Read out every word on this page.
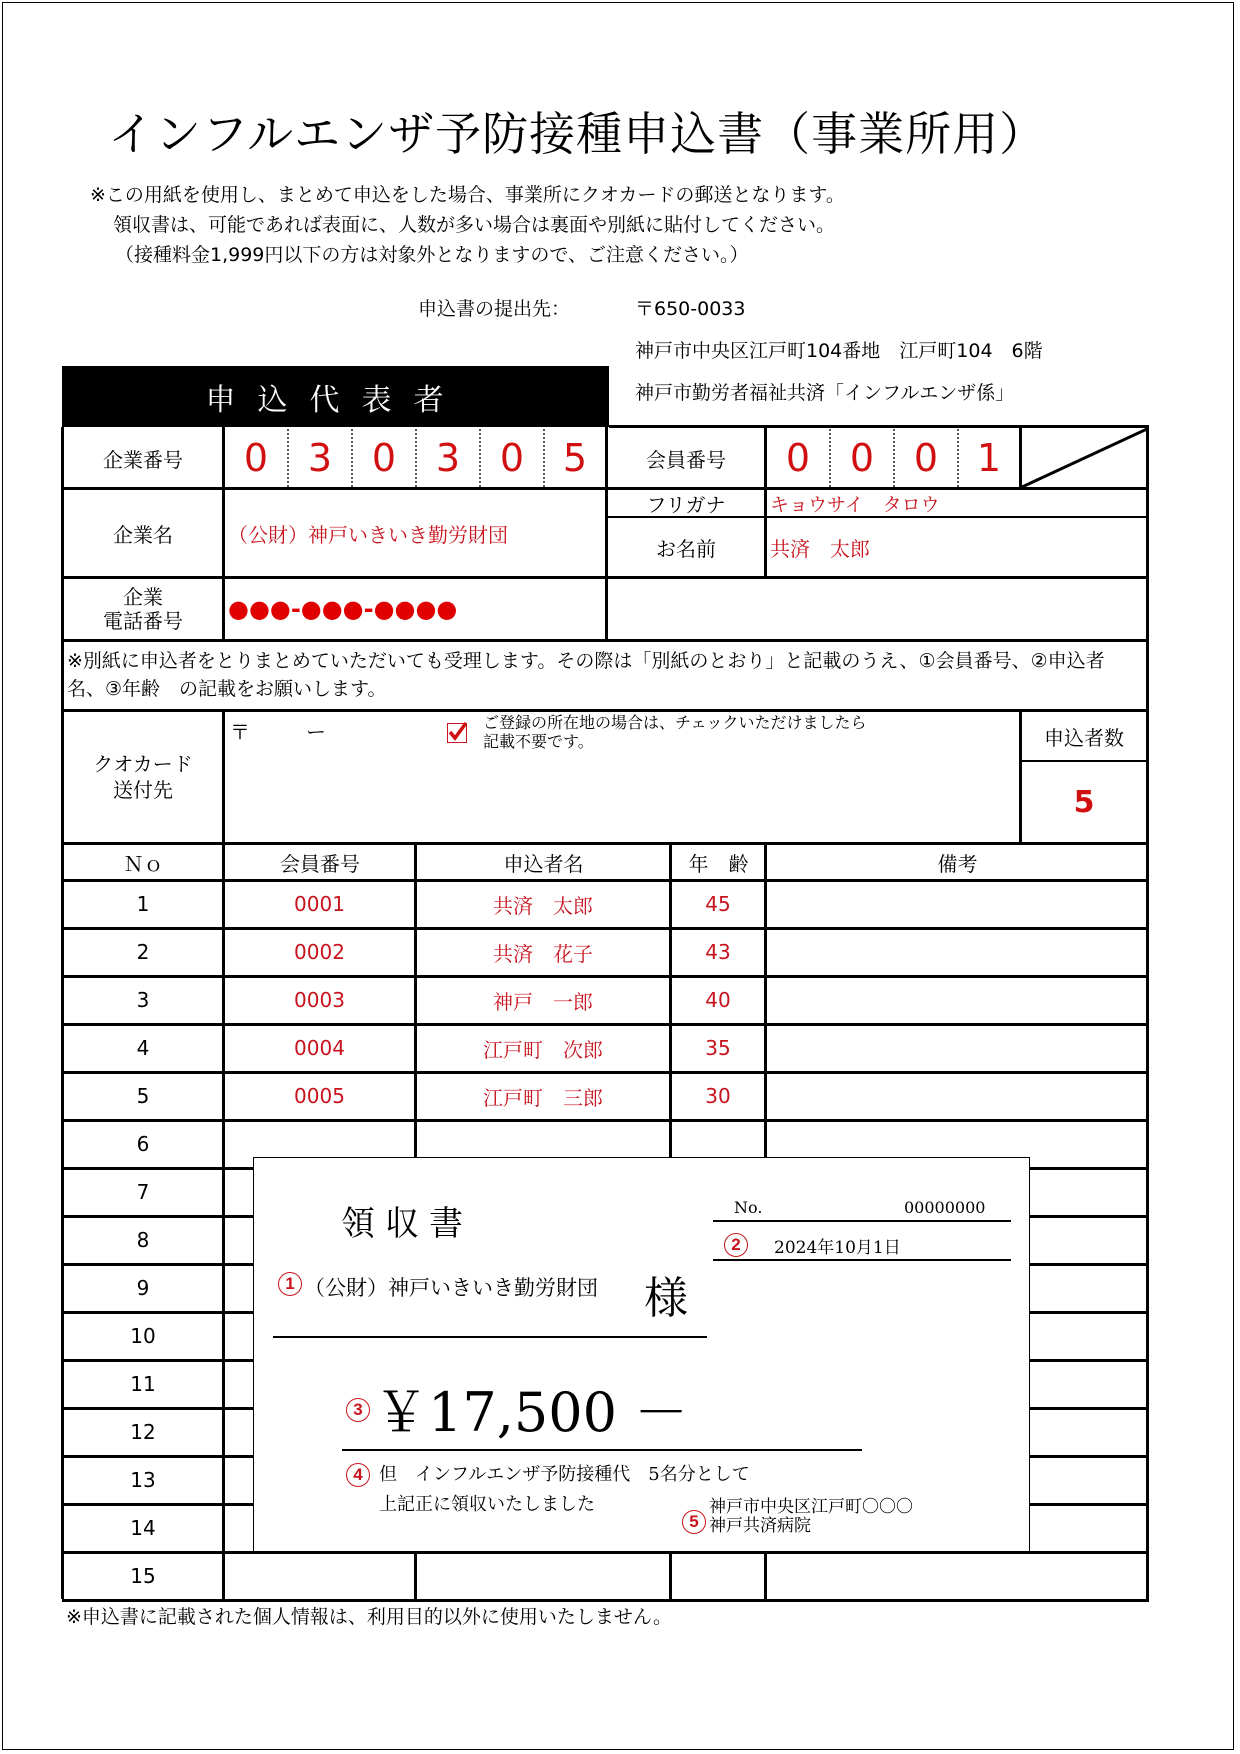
インフルエンザ予防接種申込書（事業所用）
※この用紙を使用し、まとめて申込をした場合、事業所にクオカードの郵送となります。
領収書は、可能であれば表面に、人数が多い場合は裏面や別紙に貼付してください。
（接種料金1,999円以下の方は対象外となりますので、ご注意ください。）
申込書の提出先：	〒650-0033
神戸市中央区江戸町104番地　江戸町104　6階
神戸市勤労者福祉共済「インフルエンザ係」
申込代表者
企業番号	0	3	0	3	0	5	会員番号	0	0	0	1
企業名	（公財）神戸いきいき勤労財団
フリガナ	キョウサイ　タロウ
お名前	共済　太郎
企業
電話番号 ●●●-●●●-●●●●
※別紙に申込者をとりまとめていただいても受理します。その際は「別紙のとおり」と記載のうえ、①会員番号、②申込者名、③年齢　の記載をお願いします。
クオカード
送付先
〒	ー	ご登録の所在地の場合は、チェックいただけましたら
記載不要です。	申込者数
5
Ｎｏ	会員番号	申込者名	年　齢	備考
1	0001	共済　太郎	45
2	0002	共済　花子	43
3	0003	神戸　一郎	40
4	0004	江戸町　次郎	35
5	0005	江戸町　三郎	30
6
7
8
9
10
11
12
13
14
15
※申込書に記載された個人情報は、利用目的以外に使用いたしません。
領収書	No.	00000000
2	2024年10月1日
1 （公財）神戸いきいき勤労財団 様
3 ￥17,500 －
4 但　インフルエンザ予防接種代　5名分として
上記正に領収いたしました
5
神戸市中央区江戸町〇〇〇
神戸共済病院
